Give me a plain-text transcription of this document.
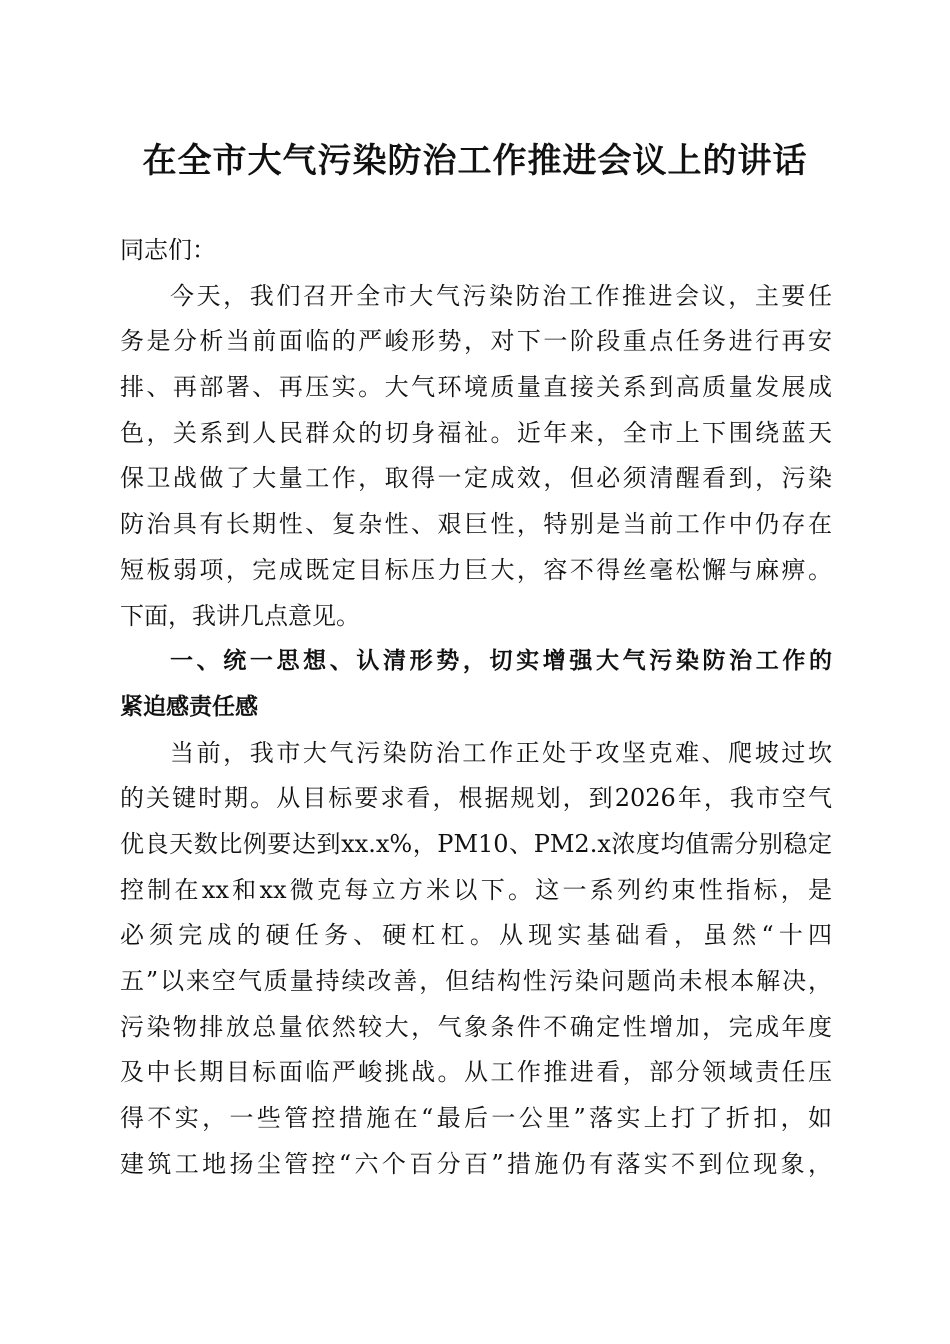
在全市大气污染防治工作推进会议上的讲话
同志们：
今天，我们召开全市大气污染防治工作推进会议，主要任
务是分析当前面临的严峻形势，对下一阶段重点任务进行再安
排、再部署、再压实。大气环境质量直接关系到高质量发展成
色，关系到人民群众的切身福祉。近年来，全市上下围绕蓝天
保卫战做了大量工作，取得一定成效，但必须清醒看到，污染
防治具有长期性、复杂性、艰巨性，特别是当前工作中仍存在
短板弱项，完成既定目标压力巨大，容不得丝毫松懈与麻痹。
下面，我讲几点意见。
一、统一思想、认清形势，切实增强大气污染防治工作的
紧迫感责任感
当前，我市大气污染防治工作正处于攻坚克难、爬坡过坎
的关键时期。从目标要求看，根据规划，到2026年，我市空气
优良天数比例要达到xx.x%，PM10、PM2.x浓度均值需分别稳定
控制在xx和xx微克每立方米以下。这一系列约束性指标，是
必须完成的硬任务、硬杠杠。从现实基础看，虽然“十四
五”以来空气质量持续改善，但结构性污染问题尚未根本解决，
污染物排放总量依然较大，气象条件不确定性增加，完成年度
及中长期目标面临严峻挑战。从工作推进看，部分领域责任压
得不实，一些管控措施在“最后一公里”落实上打了折扣，如
建筑工地扬尘管控“六个百分百”措施仍有落实不到位现象，
